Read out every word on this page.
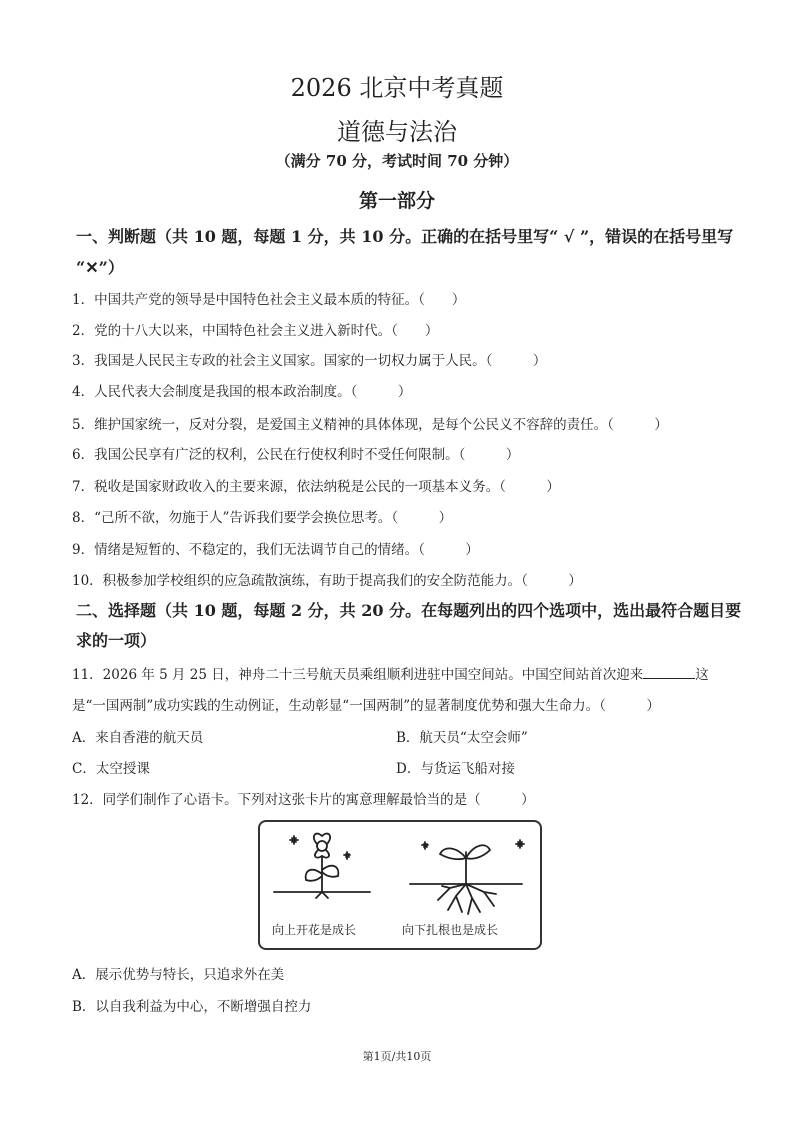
2026 北京中考真题
道德与法治
（满分 70 分，考试时间 70 分钟）
第一部分
一、判断题（共 10 题，每题 1 分，共 10 分。正确的在括号里写“ √ ”，错误的在括号里写
“✕”）
1．中国共产党的领导是中国特色社会主义最本质的特征。（　　）
2．党的十八大以来，中国特色社会主义进入新时代。（　　）
3．我国是人民民主专政的社会主义国家。国家的一切权力属于人民。（　　　）
4．人民代表大会制度是我国的根本政治制度。（　　　）
5．维护国家统一，反对分裂，是爱国主义精神的具体体现，是每个公民义不容辞的责任。（　　　）
6．我国公民享有广泛的权利，公民在行使权利时不受任何限制。（　　　）
7．税收是国家财政收入的主要来源，依法纳税是公民的一项基本义务。（　　　）
8．“己所不欲，勿施于人”告诉我们要学会换位思考。（　　　）
9．情绪是短暂的、不稳定的，我们无法调节自己的情绪。（　　　）
10．积极参加学校组织的应急疏散演练，有助于提高我们的安全防范能力。（　　　）
二、选择题（共 10 题，每题 2 分，共 20 分。在每题列出的四个选项中，选出最符合题目要
求的一项）
11．2026 年 5 月 25 日，神舟二十三号航天员乘组顺利进驻中国空间站。中国空间站首次迎来	这
是“一国两制”成功实践的生动例证，生动彰显“一国两制”的显著制度优势和强大生命力。（　　　）
A．来自香港的航天员	B．航天员“太空会师”
C．太空授课	D．与货运飞船对接
12．同学们制作了心语卡。下列对这张卡片的寓意理解最恰当的是（　　　）
向上开花是成长	向下扎根也是成长
A．展示优势与特长，只追求外在美
B．以自我利益为中心，不断增强自控力
第1页/共10页
